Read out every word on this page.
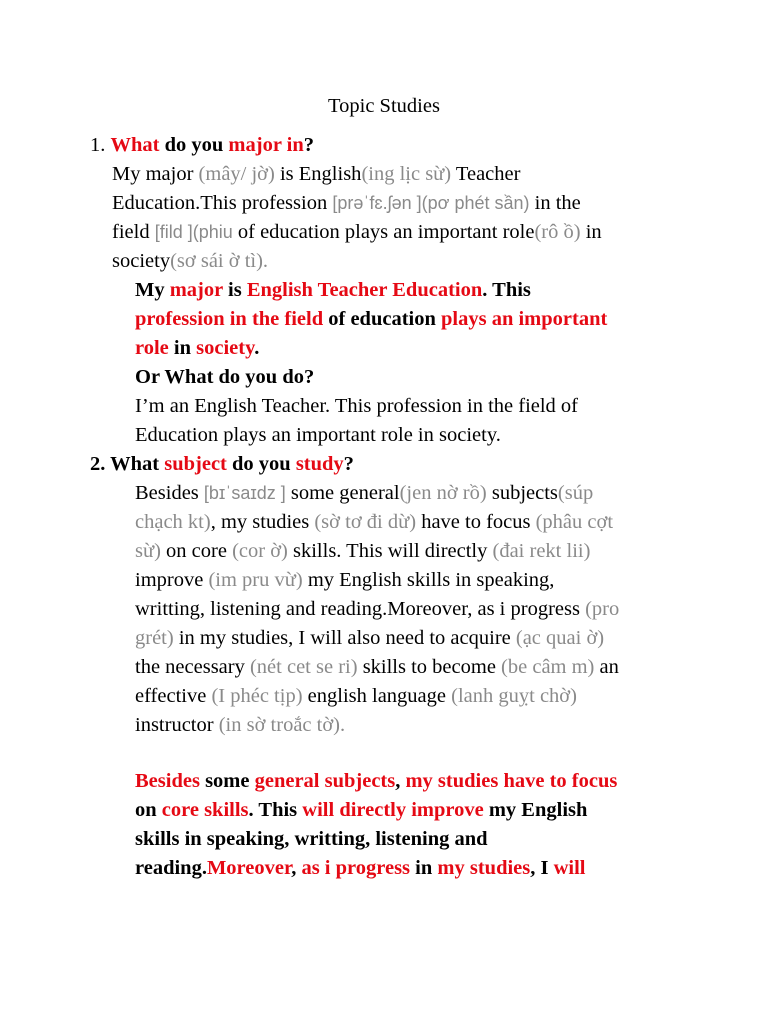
Topic Studies
1. What do you major in?
My major (mây/ jờ) is English(ing lịc sừ) Teacher
Education.This profession [prəˈfɛ.ʃən ](pơ phét sần) in the
field [fild ](phiu of education plays an important role(rô ồ) in
society(sơ sái ờ tì).
My major is English Teacher Education. This
profession in the field of education plays an important
role in society.
Or What do you do?
I’m an English Teacher. This profession in the field of
Education plays an important role in society.
2. What subject do you study?
Besides [bɪˈsaɪdz ] some general(jen nờ rồ) subjects(súp
chạch kt), my studies (sờ tơ đi dừ) have to focus (phâu cợt
sừ) on core (cor ờ) skills. This will directly (đai rekt lii)
improve (im pru vừ) my English skills in speaking,
writting, listening and reading.Moreover, as i progress (pro
grét) in my studies, I will also need to acquire (ạc quai ờ)
the necessary (nét cet se ri) skills to become (be câm m) an
effective (I phéc tịp) english language (lanh guỵt chờ)
instructor (in sờ troắc tờ).
Besides some general subjects, my studies have to focus
on core skills. This will directly improve my English
skills in speaking, writting, listening and
reading.Moreover, as i progress in my studies, I will
